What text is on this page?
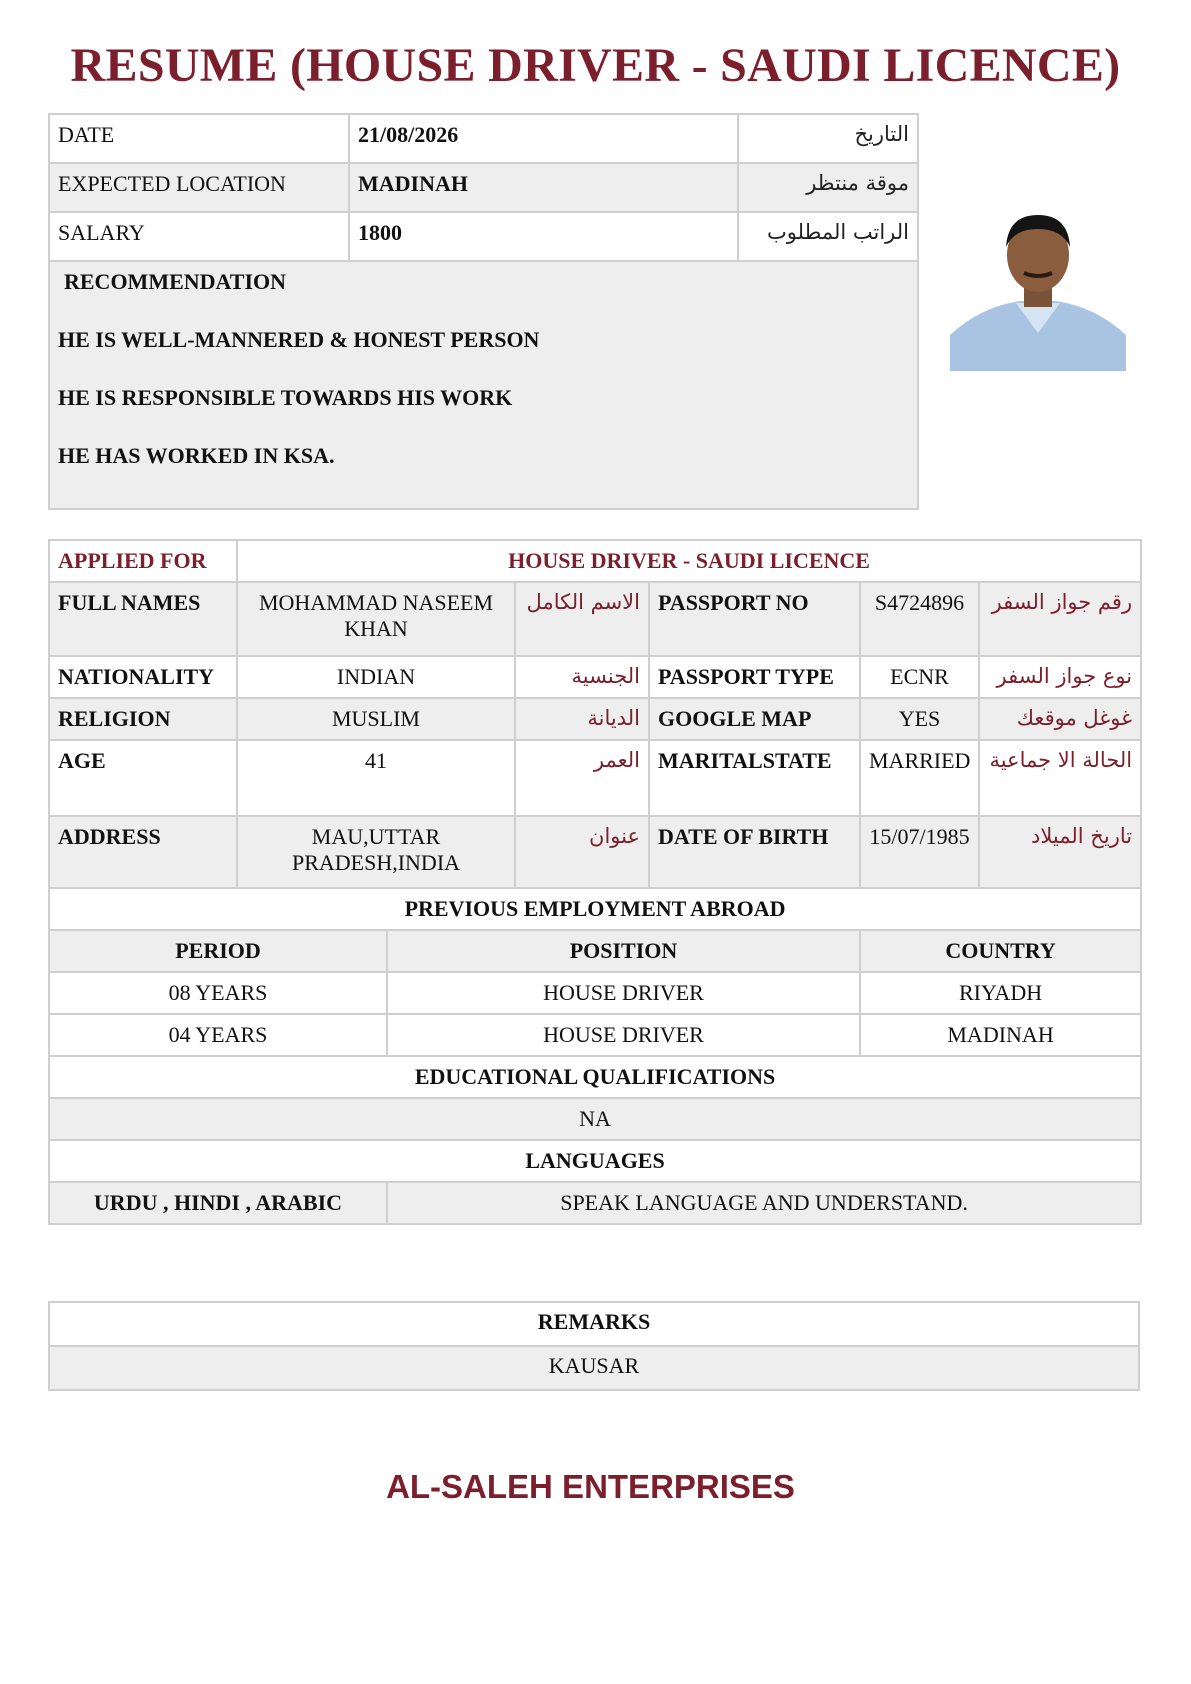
RESUME (HOUSE DRIVER - SAUDI LICENCE)
DATE	21/08/2026	التاريخ
EXPECTED LOCATION	MADINAH	موقة منتظر
SALARY	1800	الراتب المطلوب

RECOMMENDATION

HE IS WELL-MANNERED & HONEST PERSON

HE IS RESPONSIBLE TOWARDS HIS WORK

HE HAS WORKED IN KSA.		

APPLIED FOR	HOUSE DRIVER - SAUDI LICENCE					
FULL NAMES	MOHAMMAD NASEEM KHAN		الاسم الكامل	PASSPORT NO	S4724896	رقم جواز السفر
NATIONALITY	INDIAN		الجنسية	PASSPORT TYPE	ECNR	نوع جواز السفر
RELIGION	MUSLIM		الديانة	GOOGLE MAP	YES	غوغل موقعك
AGE	41		العمر	MARITALSTATE	MARRIED	الحالة الا جماعية
ADDRESS	MAU,UTTAR PRADESH,INDIA		عنوان	DATE OF BIRTH	15/07/1985	تاريخ الميلاد
PREVIOUS EMPLOYMENT ABROAD						
PERIOD		POSITION			COUNTRY	
08 YEARS		HOUSE DRIVER			RIYADH	
04 YEARS		HOUSE DRIVER			MADINAH	
EDUCATIONAL QUALIFICATIONS						
NA						
LANGUAGES						
URDU , HINDI , ARABIC		SPEAK LANGUAGE AND UNDERSTAND.				
REMARKS
KAUSAR
AL-SALEH ENTERPRISES
